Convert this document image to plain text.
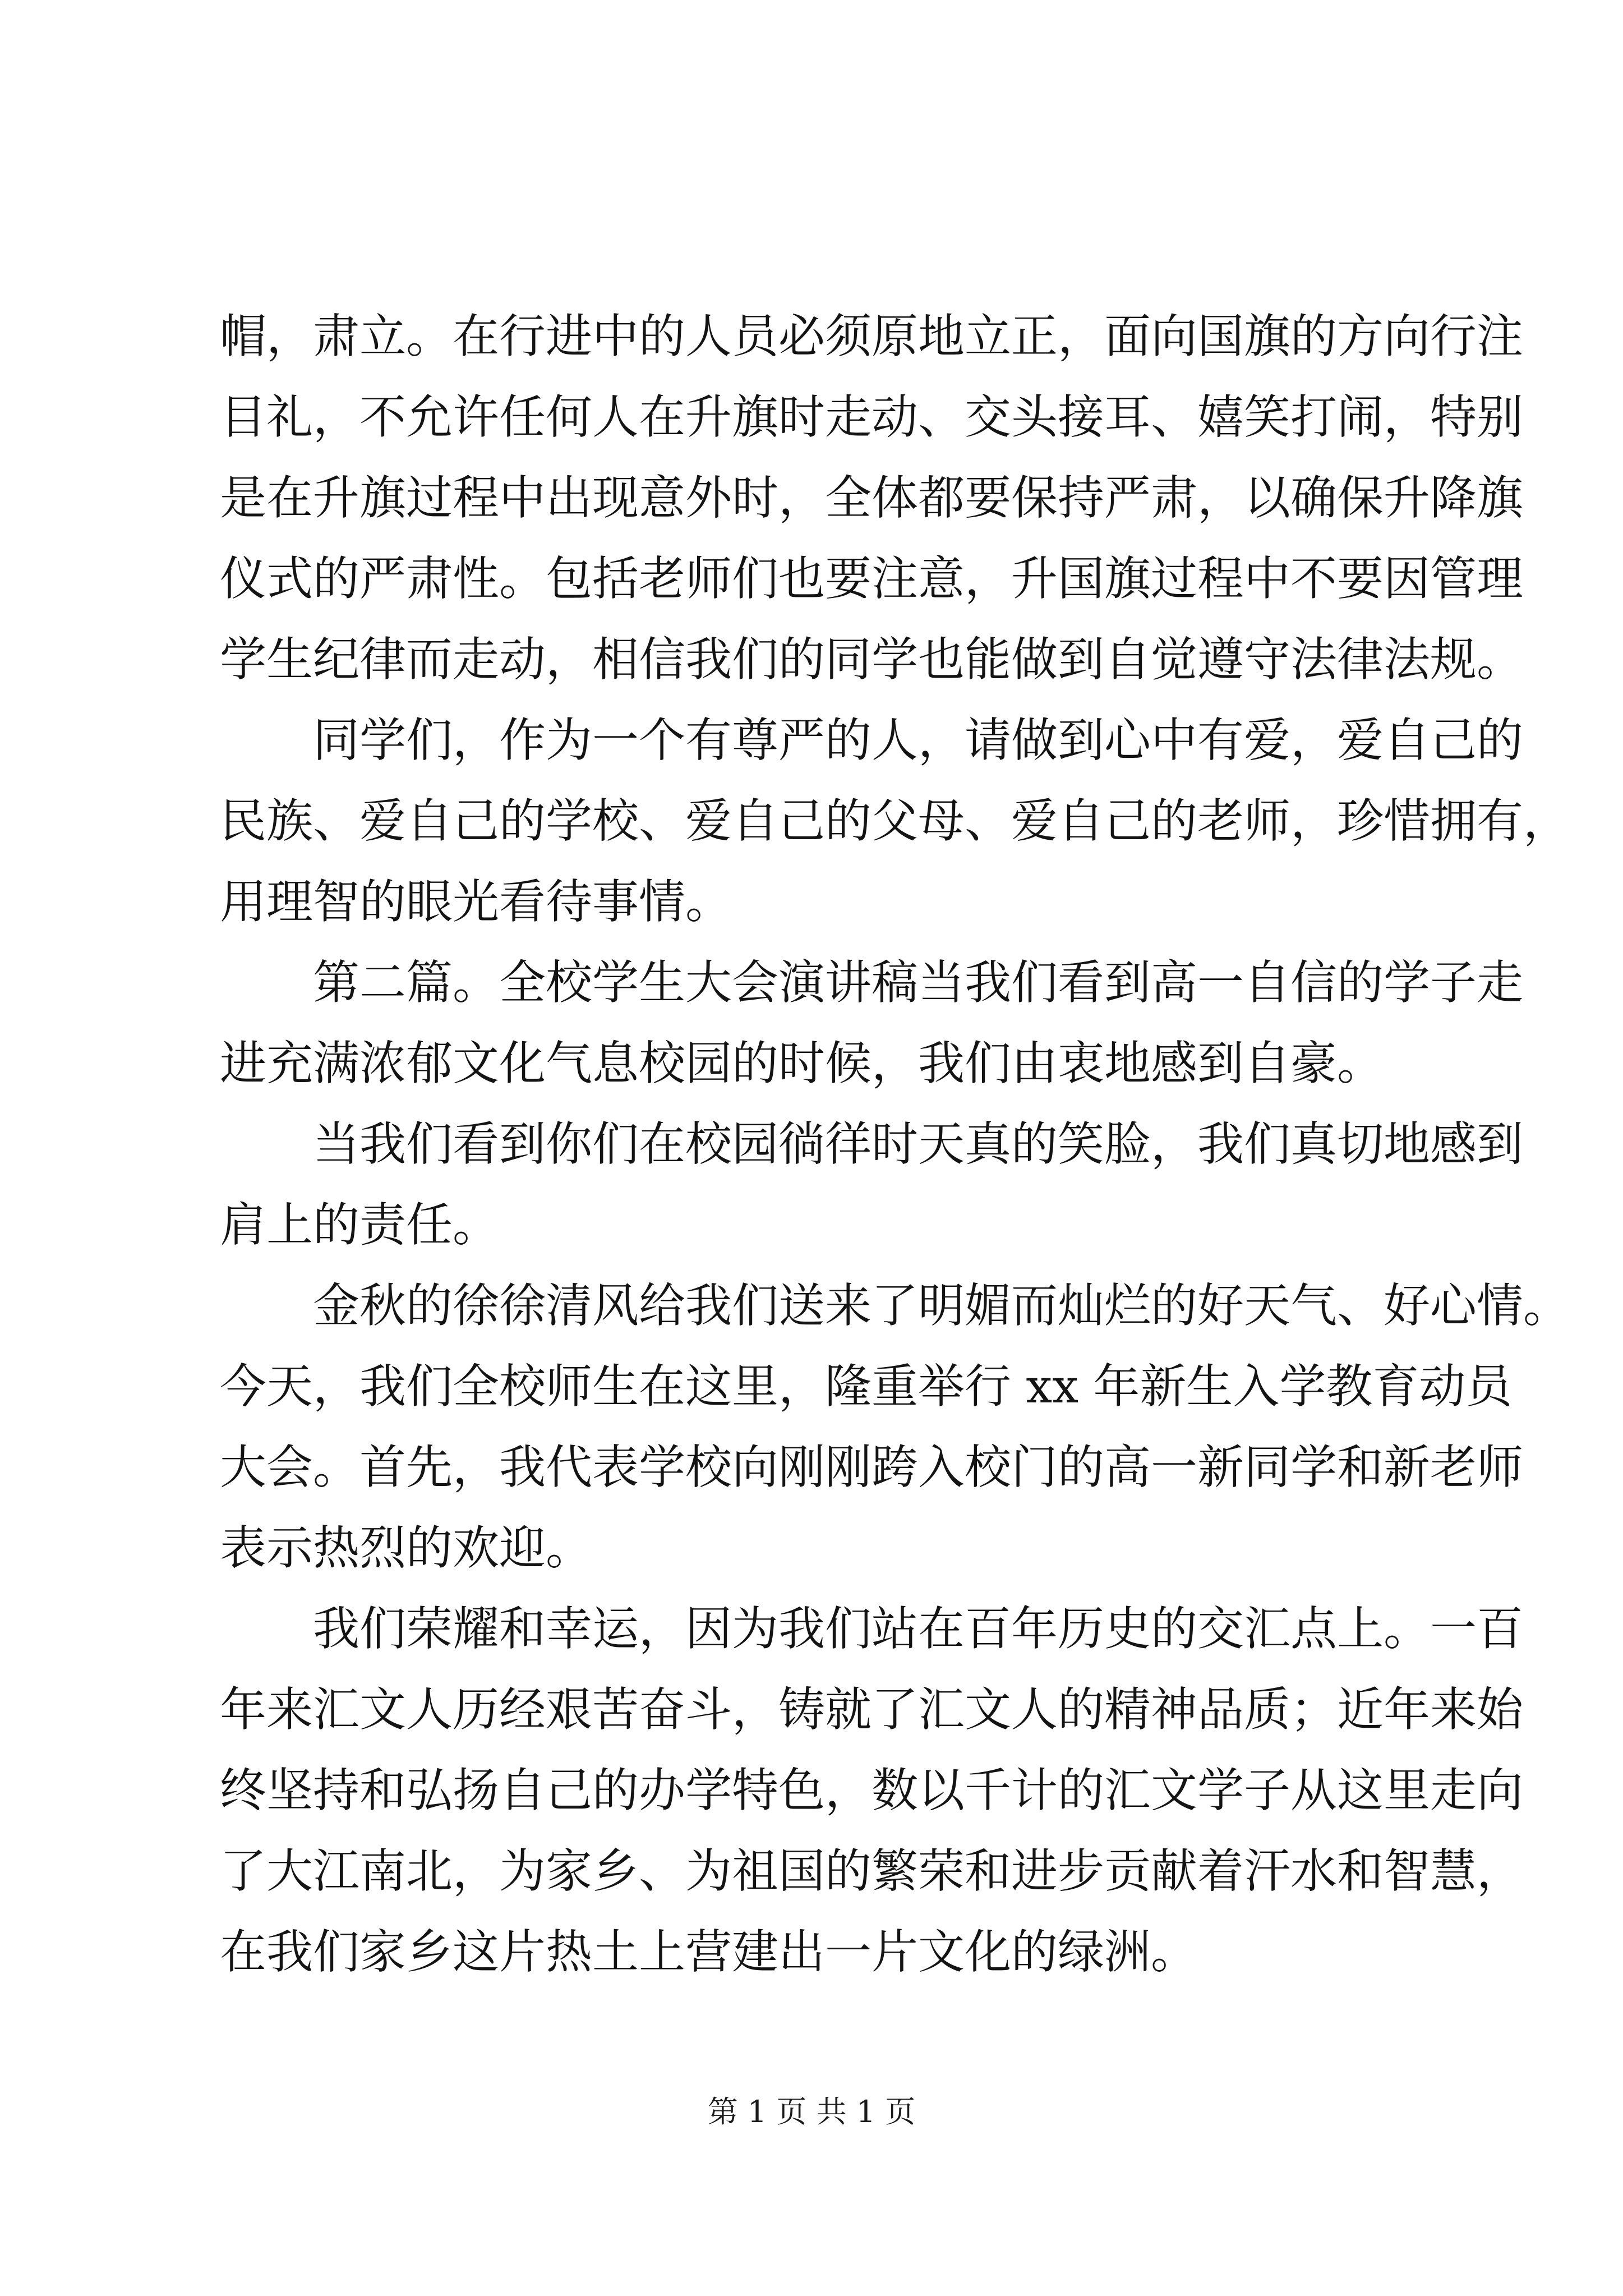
帽，肃立。在行进中的人员必须原地立正，面向国旗的方向行注
目礼，不允许任何人在升旗时走动、交头接耳、嬉笑打闹，特别
是在升旗过程中出现意外时，全体都要保持严肃，以确保升降旗
仪式的严肃性。包括老师们也要注意，升国旗过程中不要因管理
学生纪律而走动，相信我们的同学也能做到自觉遵守法律法规。
同学们，作为一个有尊严的人，请做到心中有爱，爱自己的
民族、爱自己的学校、爱自己的父母、爱自己的老师，珍惜拥有，
用理智的眼光看待事情。
第二篇。全校学生大会演讲稿当我们看到高一自信的学子走
进充满浓郁文化气息校园的时候，我们由衷地感到自豪。
当我们看到你们在校园徜徉时天真的笑脸，我们真切地感到
肩上的责任。
金秋的徐徐清风给我们送来了明媚而灿烂的好天气、好心情。
今天，我们全校师生在这里，隆重举行 xx 年新生入学教育动员
大会。首先，我代表学校向刚刚跨入校门的高一新同学和新老师
表示热烈的欢迎。
我们荣耀和幸运，因为我们站在百年历史的交汇点上。一百
年来汇文人历经艰苦奋斗，铸就了汇文人的精神品质；近年来始
终坚持和弘扬自己的办学特色，数以千计的汇文学子从这里走向
了大江南北，为家乡、为祖国的繁荣和进步贡献着汗水和智慧，
在我们家乡这片热土上营建出一片文化的绿洲。
第 1 页 共 1 页
